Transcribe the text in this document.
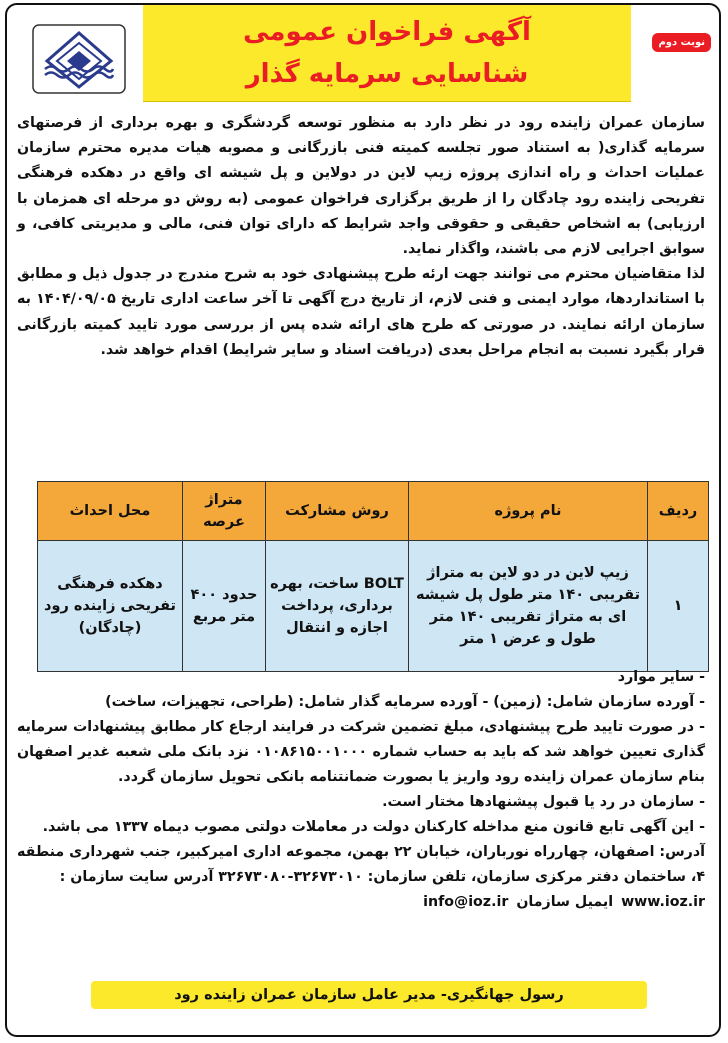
نوبت دوم

آگهی فراخوان عمومی

شناسایی سرمایه گذار

سازمان عمران زاینده رود در نظر دارد به منظور توسعه گردشگری و بهره برداری از فرصتهای سرمایه گذاری( به استناد صور تجلسه کمیته فنی بازرگانی و مصوبه هیات مدیره محترم سازمان عملیات احداث و راه اندازی پروژه زیپ لاین در دولاین و پل شیشه ای واقع در دهکده فرهنگی تفریحی زاینده رود چادگان را از طریق برگزاری فراخوان عمومی (به روش دو مرحله ای همزمان با ارزیابی) به اشخاص حقیقی و حقوقی واجد شرایط که دارای توان فنی، مالی و مدیریتی کافی، و سوابق اجرایی لازم می باشند، واگذار نماید.

لذا متقاضیان محترم می توانند جهت ارئه طرح پیشنهادی خود به شرح مندرج در جدول ذیل و مطابق با استانداردها، موارد ایمنی و فنی لازم، از تاریخ درج آگهی تا آخر ساعت اداری تاریخ ۱۴۰۴/۰۹/۰۵ به سازمان ارائه نمایند. در صورتی که طرح های ارائه شده پس از بررسی مورد تایید کمیته بازرگانی قرار بگیرد نسبت به انجام مراحل بعدی (دریافت اسناد و سایر شرایط) اقدام خواهد شد.

ردیف	نام پروژه	روش مشارکت	متراژ عرصه	محل احداث
۱	زیپ لاین در دو لاین به متراژ تقریبی ۱۴۰ متر طول پل شیشه ای به متراژ تقریبی ۱۴۰ متر طول و عرض ۱ متر	BOLT ساخت، بهره برداری، پرداخت اجازه و انتقال	حدود ۴۰۰ متر مربع	دهکده فرهنگی تفریحی زاینده رود (چادگان)

- سایر موارد

- آورده سازمان شامل: (زمین) - آورده سرمایه گذار شامل: (طراحی، تجهیزات، ساخت)

- در صورت تایید طرح پیشنهادی، مبلغ تضمین شرکت در فرایند ارجاع کار مطابق پیشنهادات سرمایه گذاری تعیین خواهد شد که باید به حساب شماره ۰۱۰۸۶۱۵۰۰۱۰۰۰ نزد بانک ملی شعبه غدیر اصفهان بنام سازمان عمران زاینده رود واریز یا بصورت ضمانتنامه بانکی تحویل سازمان گردد.

- سازمان در رد یا قبول پیشنهادها مختار است.

- این آگهی تابع قانون منع مداخله کارکنان دولت در معاملات دولتی مصوب دیماه ۱۳۳۷ می باشد.

آدرس: اصفهان، چهارراه نورباران، خیابان ۲۲ بهمن، مجموعه اداری امیرکبیر، جنب شهرداری منطقه ۴، ساختمان دفتر مرکزی سازمان، تلفن سازمان: ۳۲۶۷۳۰۱۰-۳۲۶۷۳۰۸۰ آدرس سایت سازمان :

www.ioz.ir
ایمیل سازمان
info@ioz.ir

رسول جهانگیری- مدیر عامل سازمان عمران زاینده رود
